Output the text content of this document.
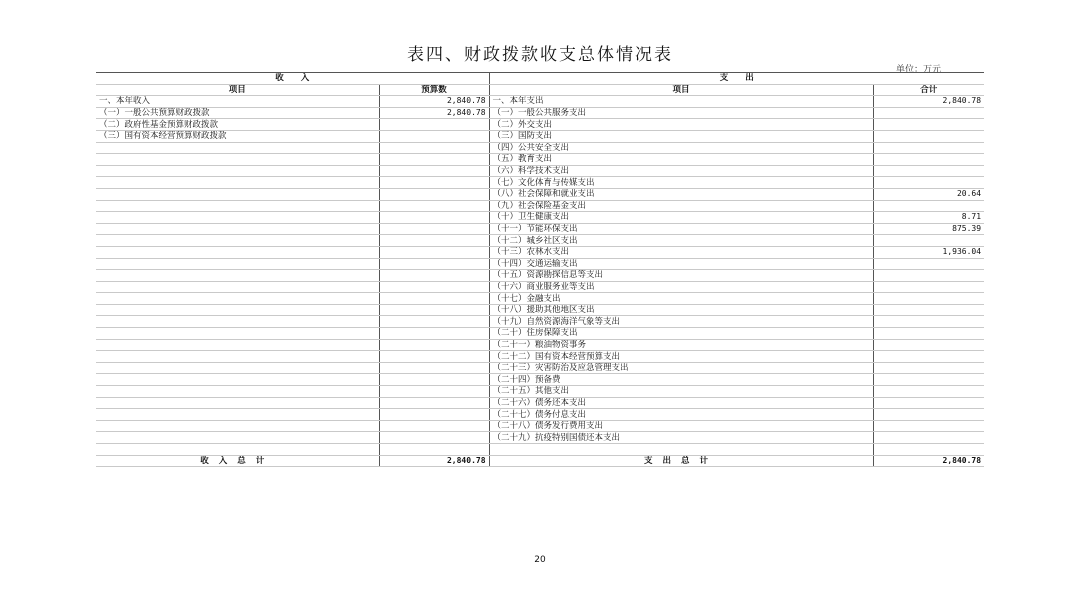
表四、财政拨款收支总体情况表
单位：万元
收　　入		支　　出	
项目	预算数	项目	合计
一、本年收入	2,840.78	一、本年支出	2,840.78
（一）一般公共预算财政拨款	2,840.78	（一）一般公共服务支出	
（二）政府性基金预算财政拨款		（二）外交支出	
（三）国有资本经营预算财政拨款		（三）国防支出	
		（四）公共安全支出	
		（五）教育支出	
		（六）科学技术支出	
		（七）文化体育与传媒支出	
		（八）社会保障和就业支出	20.64
		（九）社会保险基金支出	
		（十）卫生健康支出	8.71
		（十一）节能环保支出	875.39
		（十二）城乡社区支出	
		（十三）农林水支出	1,936.04
		（十四）交通运输支出	
		（十五）资源勘探信息等支出	
		（十六）商业服务业等支出	
		（十七）金融支出	
		（十八）援助其他地区支出	
		（十九）自然资源海洋气象等支出	
		（二十）住房保障支出	
		（二十一）粮油物资事务	
		（二十二）国有资本经营预算支出	
		（二十三）灾害防治及应急管理支出	
		（二十四）预备费	
		（二十五）其他支出	
		（二十六）债务还本支出	
		（二十七）债务付息支出	
		（二十八）债务发行费用支出	
		（二十九）抗疫特别国债还本支出	

收入总计	2,840.78	支出总计	2,840.78
20
